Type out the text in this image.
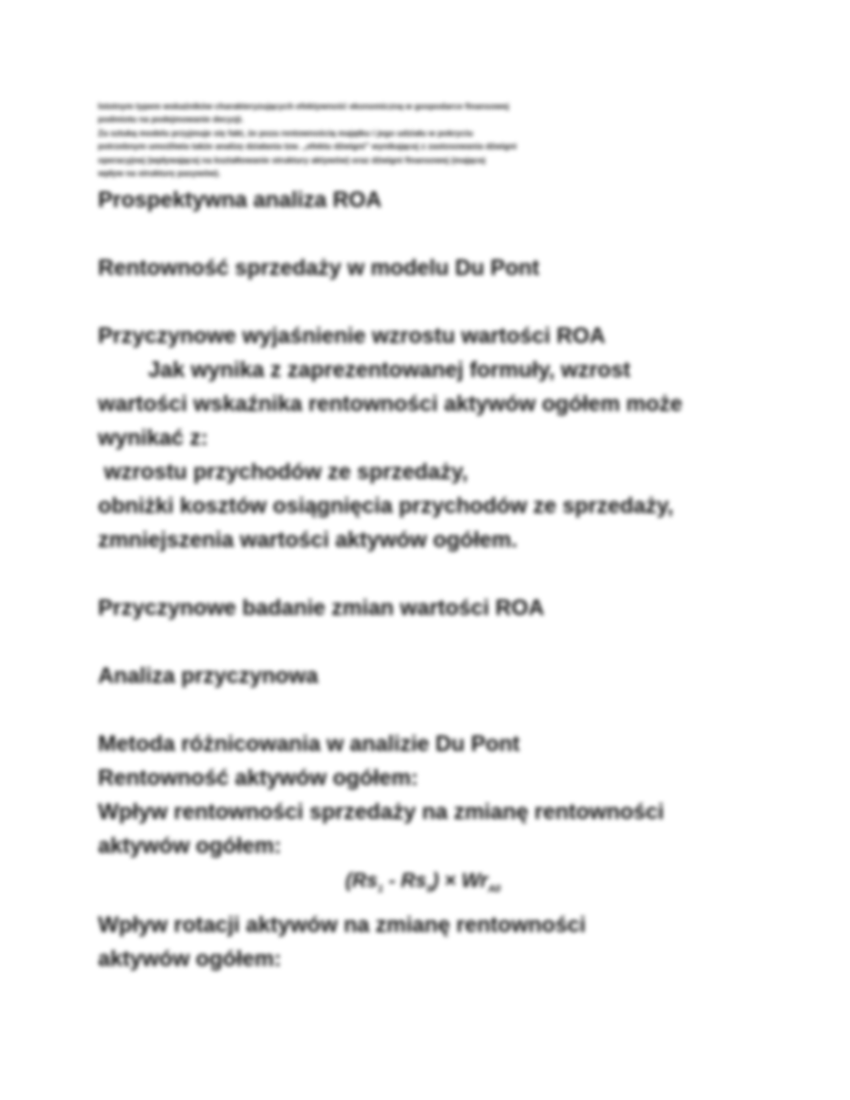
Istotnym typem wskaźników charakteryzujących efektywność ekonomiczną w gospodarce finansowej

podmiotu na podejmowanie decyzji.

Za sztuką modelu przyjmuje się fakt, że poza rentownością majątku i jego udziału w pokryciu

potrzebnym umożliwia także analizę działania tzw. „efektu dźwigni” wynikającej z zastosowania dźwigni

operacyjnej (wpływającej na kształtowanie struktury aktywów) oraz dźwigni finansowej (mającej

wpływ na strukturę pasywów).

Prospektywna analiza ROA

Rentowność sprzedaży w modelu Du Pont

Przyczynowe wyjaśnienie wzrostu wartości ROA

Jak wynika z zaprezentowanej formuły, wzrost

wartości wskaźnika rentowności aktywów ogółem może

wynikać z:

wzrostu przychodów ze sprzedaży,

obniżki kosztów osiągnięcia przychodów ze sprzedaży,

zmniejszenia wartości aktywów ogółem.

Przyczynowe badanie zmian wartości ROA

Analiza przyczynowa

Metoda różnicowania w analizie Du Pont

Rentowność aktywów ogółem:

Wpływ rentowności sprzedaży na zmianę rentowności

aktywów ogółem:

$(Rs_1 - Rs_0) \times Wr_{A0}$

Wpływ rotacji aktywów na zmianę rentowności

aktywów ogółem:
